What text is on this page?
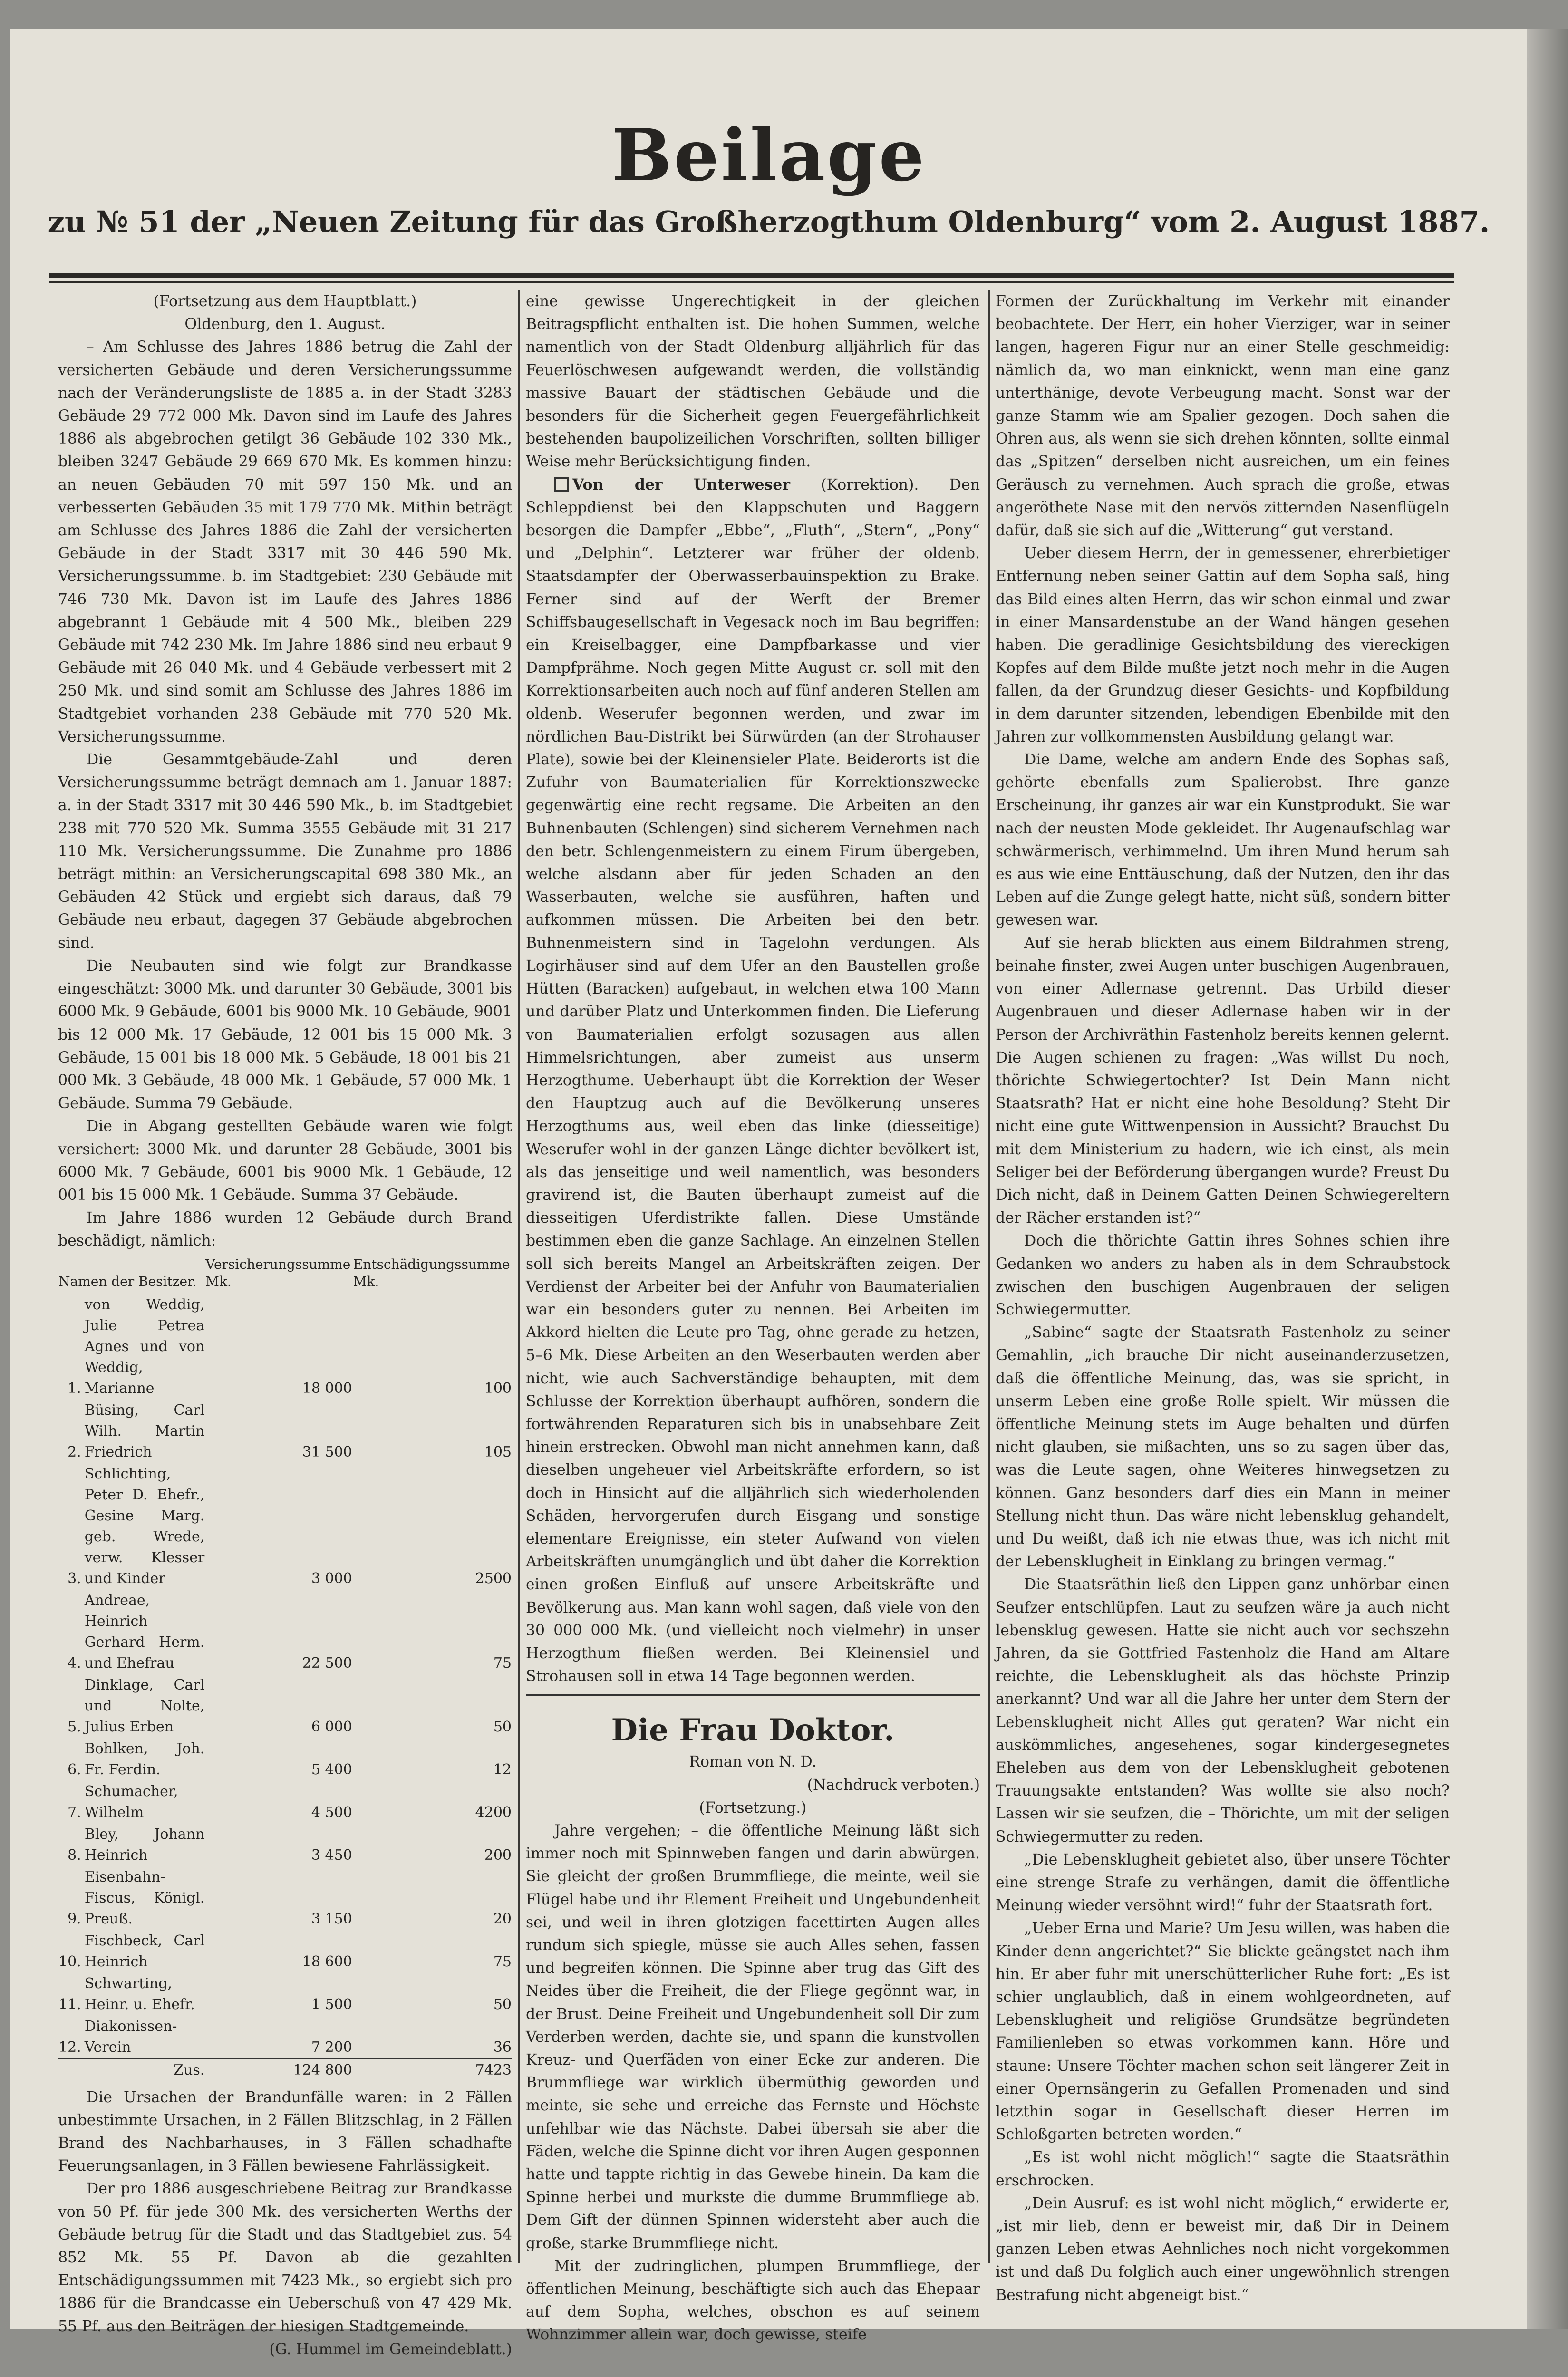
Beilage
zu № 51 der „Neuen Zeitung für das Großherzogthum Oldenburg“ vom 2. August 1887.

(Fortsetzung aus dem Hauptblatt.)

Oldenburg, den 1. August.

– Am Schlusse des Jahres 1886 betrug die Zahl der versicherten Gebäude und deren Versicherungssumme nach der Veränderungsliste de 1885 a. in der Stadt 3283 Gebäude 29 772 000 Mk. Davon sind im Laufe des Jahres 1886 als abgebrochen getilgt 36 Gebäude 102 330 Mk., bleiben 3247 Gebäude 29 669 670 Mk. Es kommen hinzu: an neuen Gebäuden 70 mit 597 150 Mk. und an verbesserten Gebäuden 35 mit 179 770 Mk. Mithin beträgt am Schlusse des Jahres 1886 die Zahl der versicherten Gebäude in der Stadt 3317 mit 30 446 590 Mk. Versicherungssumme. b. im Stadtgebiet: 230 Gebäude mit 746 730 Mk. Davon ist im Laufe des Jahres 1886 abgebrannt 1 Gebäude mit 4 500 Mk., bleiben 229 Gebäude mit 742 230 Mk. Im Jahre 1886 sind neu erbaut 9 Gebäude mit 26 040 Mk. und 4 Gebäude verbessert mit 2 250 Mk. und sind somit am Schlusse des Jahres 1886 im Stadtgebiet vorhanden 238 Gebäude mit 770 520 Mk. Versicherungssumme.

Die Gesammtgebäude-Zahl und deren Versicherungssumme beträgt demnach am 1. Januar 1887: a. in der Stadt 3317 mit 30 446 590 Mk., b. im Stadtgebiet 238 mit 770 520 Mk. Summa 3555 Gebäude mit 31 217 110 Mk. Versicherungssumme. Die Zunahme pro 1886 beträgt mithin: an Versicherungscapital 698 380 Mk., an Gebäuden 42 Stück und ergiebt sich daraus, daß 79 Gebäude neu erbaut, dagegen 37 Gebäude abgebrochen sind.

Die Neubauten sind wie folgt zur Brandkasse eingeschätzt: 3000 Mk. und darunter 30 Gebäude, 3001 bis 6000 Mk. 9 Gebäude, 6001 bis 9000 Mk. 10 Gebäude, 9001 bis 12 000 Mk. 17 Gebäude, 12 001 bis 15 000 Mk. 3 Gebäude, 15 001 bis 18 000 Mk. 5 Gebäude, 18 001 bis 21 000 Mk. 3 Gebäude, 48 000 Mk. 1 Gebäude, 57 000 Mk. 1 Gebäude. Summa 79 Gebäude.

Die in Abgang gestellten Gebäude waren wie folgt versichert: 3000 Mk. und darunter 28 Gebäude, 3001 bis 6000 Mk. 7 Gebäude, 6001 bis 9000 Mk. 1 Gebäude, 12 001 bis 15 000 Mk. 1 Gebäude. Summa 37 Gebäude.

Im Jahre 1886 wurden 12 Gebäude durch Brand beschädigt, nämlich:

Namen der Besitzer.		Versicherungssumme Mk.	Entschädigungssumme Mk.
1.	von Weddig, Julie Petrea Agnes und von Weddig, Marianne	18 000	100
2.	Büsing, Carl Wilh. Martin Friedrich	31 500	105
3.	Schlichting, Peter D. Ehefr., Gesine Marg. geb. Wrede, verw. Klesser und Kinder	3 000	2500
4.	Andreae, Heinrich Gerhard Herm. und Ehefrau	22 500	75
5.	Dinklage, Carl und Nolte, Julius Erben	6 000	50
6.	Bohlken, Joh. Fr. Ferdin.	5 400	12
7.	Schumacher, Wilhelm	4 500	4200
8.	Bley, Johann Heinrich	3 450	200
9.	Eisenbahn-Fiscus, Königl. Preuß.	3 150	20
10.	Fischbeck, Carl Heinrich	18 600	75
11.	Schwarting, Heinr. u. Ehefr.	1 500	50
12.	Diakonissen-Verein	7 200	36
	Zus.	124 800	7423

Die Ursachen der Brandunfälle waren: in 2 Fällen unbestimmte Ursachen, in 2 Fällen Blitzschlag, in 2 Fällen Brand des Nachbarhauses, in 3 Fällen schadhafte Feuerungsanlagen, in 3 Fällen bewiesene Fahrlässigkeit.

Der pro 1886 ausgeschriebene Beitrag zur Brandkasse von 50 Pf. für jede 300 Mk. des versicherten Werths der Gebäude betrug für die Stadt und das Stadtgebiet zus. 54 852 Mk. 55 Pf. Davon ab die gezahlten Entschädigungssummen mit 7423 Mk., so ergiebt sich pro 1886 für die Brandcasse ein Ueberschuß von 47 429 Mk. 55 Pf. aus den Beiträgen der hiesigen Stadtgemeinde.

(G. Hummel im Gemeindeblatt.)

eine gewisse Ungerechtigkeit in der gleichen Beitragspflicht enthalten ist. Die hohen Summen, welche namentlich von der Stadt Oldenburg alljährlich für das Feuerlöschwesen aufgewandt werden, die vollständig massive Bauart der städtischen Gebäude und die besonders für die Sicherheit gegen Feuergefährlichkeit bestehenden baupolizeilichen Vorschriften, sollten billiger Weise mehr Berücksichtigung finden.

Von der Unterweser (Korrektion). Den Schleppdienst bei den Klappschuten und Baggern besorgen die Dampfer „Ebbe“, „Fluth“, „Stern“, „Pony“ und „Delphin“. Letzterer war früher der oldenb. Staatsdampfer der Oberwasserbauinspektion zu Brake. Ferner sind auf der Werft der Bremer Schiffsbaugesellschaft in Vegesack noch im Bau begriffen: ein Kreiselbagger, eine Dampfbarkasse und vier Dampfprähme. Noch gegen Mitte August cr. soll mit den Korrektionsarbeiten auch noch auf fünf anderen Stellen am oldenb. Weserufer begonnen werden, und zwar im nördlichen Bau-Distrikt bei Sürwürden (an der Strohauser Plate), sowie bei der Kleinensieler Plate. Beiderorts ist die Zufuhr von Baumaterialien für Korrektionszwecke gegenwärtig eine recht regsame. Die Arbeiten an den Buhnenbauten (Schlengen) sind sicherem Vernehmen nach den betr. Schlengenmeistern zu einem Firum übergeben, welche alsdann aber für jeden Schaden an den Wasserbauten, welche sie ausführen, haften und aufkommen müssen. Die Arbeiten bei den betr. Buhnenmeistern sind in Tagelohn verdungen. Als Logirhäuser sind auf dem Ufer an den Baustellen große Hütten (Baracken) aufgebaut, in welchen etwa 100 Mann und darüber Platz und Unterkommen finden. Die Lieferung von Baumaterialien erfolgt sozusagen aus allen Himmelsrichtungen, aber zumeist aus unserm Herzogthume. Ueberhaupt übt die Korrektion der Weser den Hauptzug auch auf die Bevölkerung unseres Herzogthums aus, weil eben das linke (diesseitige) Weserufer wohl in der ganzen Länge dichter bevölkert ist, als das jenseitige und weil namentlich, was besonders gravirend ist, die Bauten überhaupt zumeist auf die diesseitigen Uferdistrikte fallen. Diese Umstände bestimmen eben die ganze Sachlage. An einzelnen Stellen soll sich bereits Mangel an Arbeitskräften zeigen. Der Verdienst der Arbeiter bei der Anfuhr von Baumaterialien war ein besonders guter zu nennen. Bei Arbeiten im Akkord hielten die Leute pro Tag, ohne gerade zu hetzen, 5–6 Mk. Diese Arbeiten an den Weserbauten werden aber nicht, wie auch Sachverständige behaupten, mit dem Schlusse der Korrektion überhaupt aufhören, sondern die fortwährenden Reparaturen sich bis in unabsehbare Zeit hinein erstrecken. Obwohl man nicht annehmen kann, daß dieselben ungeheuer viel Arbeitskräfte erfordern, so ist doch in Hinsicht auf die alljährlich sich wiederholenden Schäden, hervorgerufen durch Eisgang und sonstige elementare Ereignisse, ein steter Aufwand von vielen Arbeitskräften unumgänglich und übt daher die Korrektion einen großen Einfluß auf unsere Arbeitskräfte und Bevölkerung aus. Man kann wohl sagen, daß viele von den 30 000 000 Mk. (und vielleicht noch vielmehr) in unser Herzogthum fließen werden. Bei Kleinensiel und Strohausen soll in etwa 14 Tage begonnen werden.

Die Frau Doktor.

Roman von N. D.

(Nachdruck verboten.)

(Fortsetzung.)

Jahre vergehen; – die öffentliche Meinung läßt sich immer noch mit Spinnweben fangen und darin abwürgen. Sie gleicht der großen Brummfliege, die meinte, weil sie Flügel habe und ihr Element Freiheit und Ungebundenheit sei, und weil in ihren glotzigen facettirten Augen alles rundum sich spiegle, müsse sie auch Alles sehen, fassen und begreifen können. Die Spinne aber trug das Gift des Neides über die Freiheit, die der Fliege gegönnt war, in der Brust. Deine Freiheit und Ungebundenheit soll Dir zum Verderben werden, dachte sie, und spann die kunstvollen Kreuz- und Querfäden von einer Ecke zur anderen. Die Brummfliege war wirklich übermüthig geworden und meinte, sie sehe und erreiche das Fernste und Höchste unfehlbar wie das Nächste. Dabei übersah sie aber die Fäden, welche die Spinne dicht vor ihren Augen gesponnen hatte und tappte richtig in das Gewebe hinein. Da kam die Spinne herbei und murkste die dumme Brummfliege ab. Dem Gift der dünnen Spinnen widersteht aber auch die große, starke Brummfliege nicht.

Mit der zudringlichen, plumpen Brummfliege, der öffentlichen Meinung, beschäftigte sich auch das Ehepaar auf dem Sopha, welches, obschon es auf seinem Wohnzimmer allein war, doch gewisse, steife

Formen der Zurückhaltung im Verkehr mit einander beobachtete. Der Herr, ein hoher Vierziger, war in seiner langen, hageren Figur nur an einer Stelle geschmeidig: nämlich da, wo man einknickt, wenn man eine ganz unterthänige, devote Verbeugung macht. Sonst war der ganze Stamm wie am Spalier gezogen. Doch sahen die Ohren aus, als wenn sie sich drehen könnten, sollte einmal das „Spitzen“ derselben nicht ausreichen, um ein feines Geräusch zu vernehmen. Auch sprach die große, etwas angeröthete Nase mit den nervös zitternden Nasenflügeln dafür, daß sie sich auf die „Witterung“ gut verstand.

Ueber diesem Herrn, der in gemessener, ehrerbietiger Entfernung neben seiner Gattin auf dem Sopha saß, hing das Bild eines alten Herrn, das wir schon einmal und zwar in einer Mansardenstube an der Wand hängen gesehen haben. Die geradlinige Gesichtsbildung des viereckigen Kopfes auf dem Bilde mußte jetzt noch mehr in die Augen fallen, da der Grundzug dieser Gesichts- und Kopfbildung in dem darunter sitzenden, lebendigen Ebenbilde mit den Jahren zur vollkommensten Ausbildung gelangt war.

Die Dame, welche am andern Ende des Sophas saß, gehörte ebenfalls zum Spalierobst. Ihre ganze Erscheinung, ihr ganzes air war ein Kunstprodukt. Sie war nach der neusten Mode gekleidet. Ihr Augenaufschlag war schwärmerisch, verhimmelnd. Um ihren Mund herum sah es aus wie eine Enttäuschung, daß der Nutzen, den ihr das Leben auf die Zunge gelegt hatte, nicht süß, sondern bitter gewesen war.

Auf sie herab blickten aus einem Bildrahmen streng, beinahe finster, zwei Augen unter buschigen Augenbrauen, von einer Adlernase getrennt. Das Urbild dieser Augenbrauen und dieser Adlernase haben wir in der Person der Archivräthin Fastenholz bereits kennen gelernt. Die Augen schienen zu fragen: „Was willst Du noch, thörichte Schwiegertochter? Ist Dein Mann nicht Staatsrath? Hat er nicht eine hohe Besoldung? Steht Dir nicht eine gute Wittwenpension in Aussicht? Brauchst Du mit dem Ministerium zu hadern, wie ich einst, als mein Seliger bei der Beförderung übergangen wurde? Freust Du Dich nicht, daß in Deinem Gatten Deinen Schwiegereltern der Rächer erstanden ist?“

Doch die thörichte Gattin ihres Sohnes schien ihre Gedanken wo anders zu haben als in dem Schraubstock zwischen den buschigen Augenbrauen der seligen Schwiegermutter.

„Sabine“ sagte der Staatsrath Fastenholz zu seiner Gemahlin, „ich brauche Dir nicht auseinanderzusetzen, daß die öffentliche Meinung, das, was sie spricht, in unserm Leben eine große Rolle spielt. Wir müssen die öffentliche Meinung stets im Auge behalten und dürfen nicht glauben, sie mißachten, uns so zu sagen über das, was die Leute sagen, ohne Weiteres hinwegsetzen zu können. Ganz besonders darf dies ein Mann in meiner Stellung nicht thun. Das wäre nicht lebensklug gehandelt, und Du weißt, daß ich nie etwas thue, was ich nicht mit der Lebensklugheit in Einklang zu bringen vermag.“

Die Staatsräthin ließ den Lippen ganz unhörbar einen Seufzer entschlüpfen. Laut zu seufzen wäre ja auch nicht lebensklug gewesen. Hatte sie nicht auch vor sechszehn Jahren, da sie Gottfried Fastenholz die Hand am Altare reichte, die Lebensklugheit als das höchste Prinzip anerkannt? Und war all die Jahre her unter dem Stern der Lebensklugheit nicht Alles gut geraten? War nicht ein auskömmliches, angesehenes, sogar kindergesegnetes Eheleben aus dem von der Lebensklugheit gebotenen Trauungsakte entstanden? Was wollte sie also noch? Lassen wir sie seufzen, die – Thörichte, um mit der seligen Schwiegermutter zu reden.

„Die Lebensklugheit gebietet also, über unsere Töchter eine strenge Strafe zu verhängen, damit die öffentliche Meinung wieder versöhnt wird!“ fuhr der Staatsrath fort.

„Ueber Erna und Marie? Um Jesu willen, was haben die Kinder denn angerichtet?“ Sie blickte geängstet nach ihm hin. Er aber fuhr mit unerschütterlicher Ruhe fort: „Es ist schier unglaublich, daß in einem wohlgeordneten, auf Lebensklugheit und religiöse Grundsätze begründeten Familienleben so etwas vorkommen kann. Höre und staune: Unsere Töchter machen schon seit längerer Zeit in einer Opernsängerin zu Gefallen Promenaden und sind letzthin sogar in Gesellschaft dieser Herren im Schloßgarten betreten worden.“

„Es ist wohl nicht möglich!“ sagte die Staatsräthin erschrocken.

„Dein Ausruf: es ist wohl nicht möglich,“ erwiderte er, „ist mir lieb, denn er beweist mir, daß Dir in Deinem ganzen Leben etwas Aehnliches noch nicht vorgekommen ist und daß Du folglich auch einer ungewöhnlich strengen Bestrafung nicht abgeneigt bist.“
